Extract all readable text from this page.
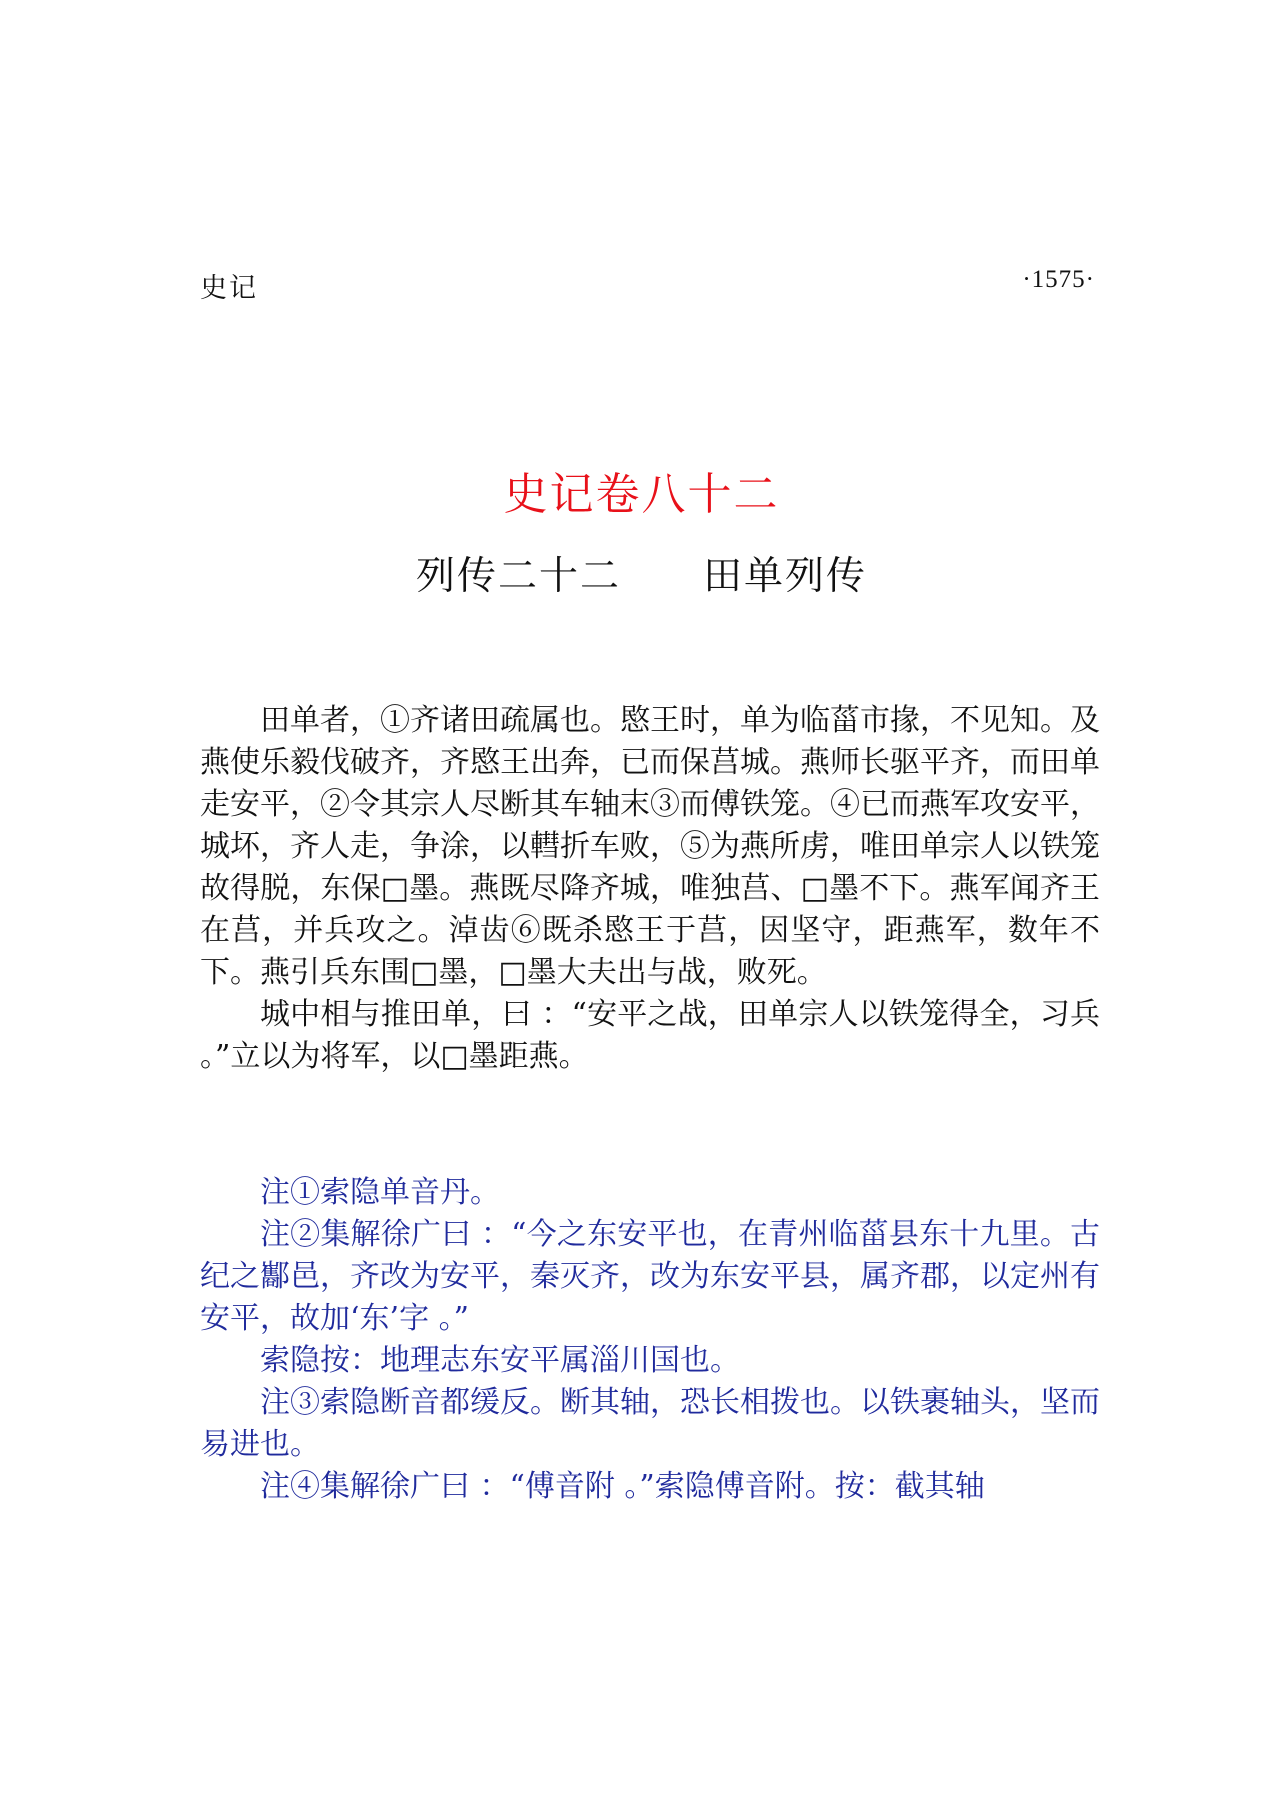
史记	·1575·
史记卷八十二
列传二十二　　田单列传

田单者，①齐诸田疏属也。愍王时，单为临菑市掾，不见知。及燕使乐毅伐破齐，齐愍王出奔，已而保莒城。燕师长驱平齐，而田单走安平，②令其宗人尽断其车轴末③而傅铁笼。④已而燕军攻安平，城坏，齐人走，争涂，以轊折车败，⑤为燕所虏，唯田单宗人以铁笼故得脱，东保□墨。燕既尽降齐城，唯独莒、□墨不下。燕军闻齐王在莒，并兵攻之。淖齿⑥既杀愍王于莒，因坚守，距燕军，数年不下。燕引兵东围□墨，□墨大夫出与战，败死。

城中相与推田单，曰 ：“安平之战，田单宗人以铁笼得全，习兵 。”立以为将军，以□墨距燕。

注①索隐单音丹。

注②集解徐广曰 ：“今之东安平也，在青州临菑县东十九里。古纪之酅邑，齐改为安平，秦灭齐，改为东安平县，属齐郡，以定州有安平，故加‘东’字 。”

索隐按：地理志东安平属淄川国也。

注③索隐断音都缓反。断其轴，恐长相拨也。以铁裹轴头，坚而易进也。

注④集解徐广曰 ：“傅音附 。”索隐傅音附。按：截其轴
